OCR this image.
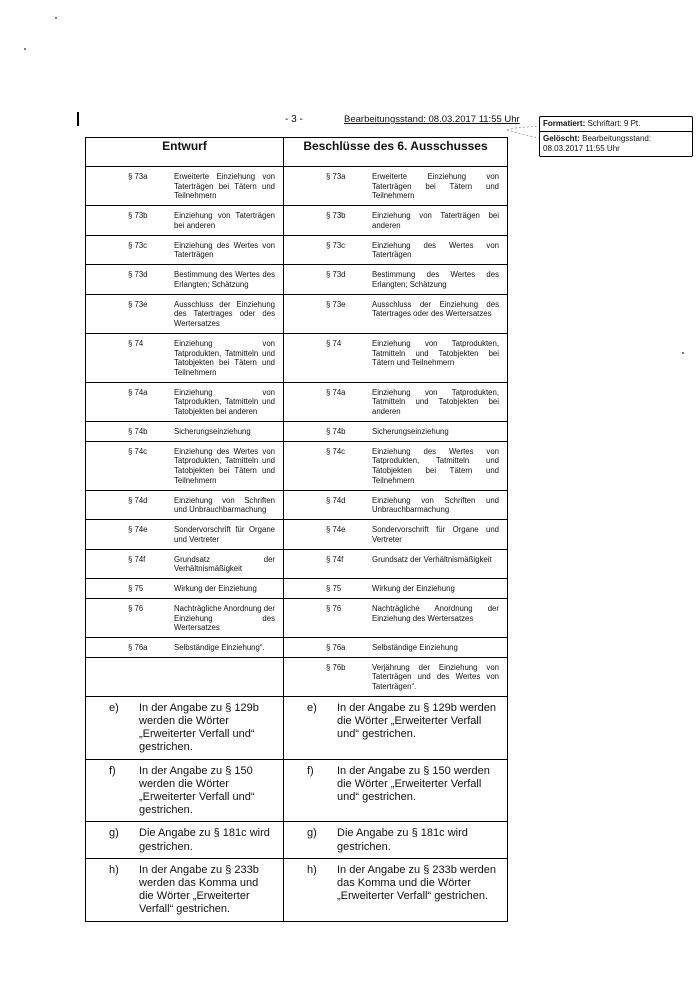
- 3 -	Bearbeitungsstand: 08.03.2017 11:55 Uhr	Formatiert: Schriftart: 9 Pt.
Gelöscht: Bearbeitungsstand: 08.03.2017 11:55 Uhr
Entwurf	Beschlüsse des 6. Ausschusses

§ 73a Erweiterte Einziehung von Taterträgen bei Tätern und Teilnehmern	§ 73a Erweiterte Einziehung von Taterträgen bei Tätern und Teilnehmern

§ 73b Einziehung von Taterträgen bei anderen	§ 73b Einziehung von Taterträgen bei anderen

§ 73c Einziehung des Wertes von Taterträgen	§ 73c Einziehung des Wertes von Taterträgen

§ 73d Bestimmung des Wertes des Erlangten; Schätzung	§ 73d Bestimmung des Wertes des Erlangten; Schätzung

§ 73e Ausschluss der Einziehung des Tatertrages oder des Wertersatzes	§ 73e Ausschluss der Einziehung des Tatertrages oder des Wertersatzes

§ 74 Einziehung von Tatprodukten, Tatmitteln und Tatobjekten bei Tätern und Teilnehmern	§ 74 Einziehung von Tatprodukten, Tatmitteln und Tatobjekten bei Tätern und Teilnehmern

§ 74a Einziehung von Tatprodukten, Tatmitteln und Tatobjekten bei anderen	§ 74a Einziehung von Tatprodukten, Tatmitteln und Tatobjekten bei anderen

§ 74b Sicherungseinziehung	§ 74b Sicherungseinziehung

§ 74c Einziehung des Wertes von Tatprodukten, Tatmitteln und Tatobjekten bei Tätern und Teilnehmern	§ 74c Einziehung des Wertes von Tatprodukten, Tatmitteln und Tatobjekten bei Tätern und Teilnehmern

§ 74d Einziehung von Schriften und Unbrauchbarmachung	§ 74d Einziehung von Schriften und Unbrauchbarmachung

§ 74e Sondervorschrift für Organe und Vertreter	§ 74e Sondervorschrift für Organe und Vertreter

§ 74f Grundsatz der Verhältnismäßigkeit	§ 74f Grundsatz der Verhältnismäßigkeit

§ 75 Wirkung der Einziehung	§ 75 Wirkung der Einziehung

§ 76 Nachträgliche Anordnung der Einziehung des Wertersatzes	§ 76 Nachträgliche Anordnung der Einziehung des Wertersatzes

§ 76a Selbständige Einziehung“.	§ 76a Selbständige Einziehung

	§ 76b Verjährung der Einziehung von Taterträgen und des Wertes von Taterträgen“.

e) In der Angabe zu § 129b werden die Wörter „Erweiterter Verfall und“ gestrichen.	e) In der Angabe zu § 129b werden die Wörter „Erweiterter Verfall und“ gestrichen.

f) In der Angabe zu § 150 werden die Wörter „Erweiterter Verfall und“ gestrichen.	f) In der Angabe zu § 150 werden die Wörter „Erweiterter Verfall und“ gestrichen.

g) Die Angabe zu § 181c wird gestrichen.	g) Die Angabe zu § 181c wird gestrichen.

h) In der Angabe zu § 233b werden das Komma und die Wörter „Erweiterter Verfall“ gestrichen.	h) In der Angabe zu § 233b werden das Komma und die Wörter „Erweiterter Verfall“ gestrichen.
